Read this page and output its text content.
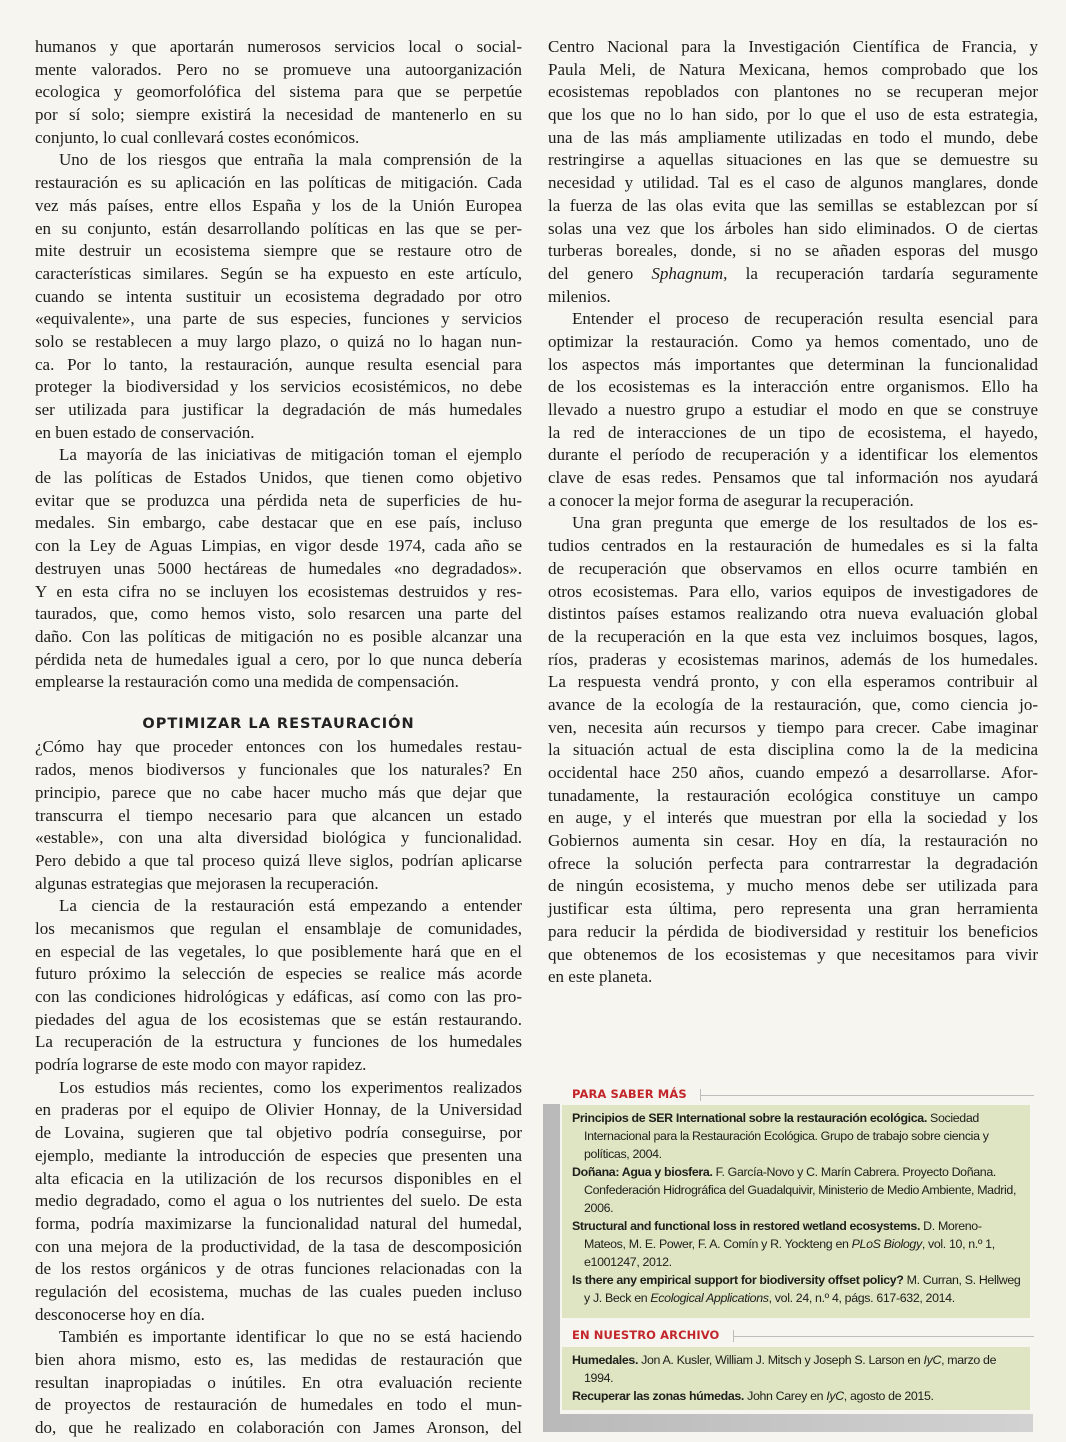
humanos y que aportarán numerosos servicios local o social-
mente valorados. Pero no se promueve una autoorganización
ecologica y geomorfolófica del sistema para que se perpetúe
por sí solo; siempre existirá la necesidad de mantenerlo en su
conjunto, lo cual conllevará costes económicos.
Uno de los riesgos que entraña la mala comprensión de la
restauración es su aplicación en las políticas de mitigación. Cada
vez más países, entre ellos España y los de la Unión Europea
en su conjunto, están desarrollando políticas en las que se per-
mite destruir un ecosistema siempre que se restaure otro de
características similares. Según se ha expuesto en este artículo,
cuando se intenta sustituir un ecosistema degradado por otro
«equivalente», una parte de sus especies, funciones y servicios
solo se restablecen a muy largo plazo, o quizá no lo hagan nun-
ca. Por lo tanto, la restauración, aunque resulta esencial para
proteger la biodiversidad y los servicios ecosistémicos, no debe
ser utilizada para justificar la degradación de más humedales
en buen estado de conservación.
La mayoría de las iniciativas de mitigación toman el ejemplo
de las políticas de Estados Unidos, que tienen como objetivo
evitar que se produzca una pérdida neta de superficies de hu-
medales. Sin embargo, cabe destacar que en ese país, incluso
con la Ley de Aguas Limpias, en vigor desde 1974, cada año se
destruyen unas 5000 hectáreas de humedales «no degradados».
Y en esta cifra no se incluyen los ecosistemas destruidos y res-
taurados, que, como hemos visto, solo resarcen una parte del
daño. Con las políticas de mitigación no es posible alcanzar una
pérdida neta de humedales igual a cero, por lo que nunca debería
emplearse la restauración como una medida de compensación.
OPTIMIZAR LA RESTAURACIÓN
¿Cómo hay que proceder entonces con los humedales restau-
rados, menos biodiversos y funcionales que los naturales? En
principio, parece que no cabe hacer mucho más que dejar que
transcurra el tiempo necesario para que alcancen un estado
«estable», con una alta diversidad biológica y funcionalidad.
Pero debido a que tal proceso quizá lleve siglos, podrían aplicarse
algunas estrategias que mejorasen la recuperación.
La ciencia de la restauración está empezando a entender
los mecanismos que regulan el ensamblaje de comunidades,
en especial de las vegetales, lo que posiblemente hará que en el
futuro próximo la selección de especies se realice más acorde
con las condiciones hidrológicas y edáficas, así como con las pro-
piedades del agua de los ecosistemas que se están restaurando.
La recuperación de la estructura y funciones de los humedales
podría lograrse de este modo con mayor rapidez.
Los estudios más recientes, como los experimentos realizados
en praderas por el equipo de Olivier Honnay, de la Universidad
de Lovaina, sugieren que tal objetivo podría conseguirse, por
ejemplo, mediante la introducción de especies que presenten una
alta eficacia en la utilización de los recursos disponibles en el
medio degradado, como el agua o los nutrientes del suelo. De esta
forma, podría maximizarse la funcionalidad natural del humedal,
con una mejora de la productividad, de la tasa de descomposición
de los restos orgánicos y de otras funciones relacionadas con la
regulación del ecosistema, muchas de las cuales pueden incluso
desconocerse hoy en día.
También es importante identificar lo que no se está haciendo
bien ahora mismo, esto es, las medidas de restauración que
resultan inapropiadas o inútiles. En otra evaluación reciente
de proyectos de restauración de humedales en todo el mun-
do, que he realizado en colaboración con James Aronson, del
Centro Nacional para la Investigación Científica de Francia, y
Paula Meli, de Natura Mexicana, hemos comprobado que los
ecosistemas repoblados con plantones no se recuperan mejor
que los que no lo han sido, por lo que el uso de esta estrategia,
una de las más ampliamente utilizadas en todo el mundo, debe
restringirse a aquellas situaciones en las que se demuestre su
necesidad y utilidad. Tal es el caso de algunos manglares, donde
la fuerza de las olas evita que las semillas se establezcan por sí
solas una vez que los árboles han sido eliminados. O de ciertas
turberas boreales, donde, si no se añaden esporas del musgo
del genero Sphagnum, la recuperación tardaría seguramente
milenios.
Entender el proceso de recuperación resulta esencial para
optimizar la restauración. Como ya hemos comentado, uno de
los aspectos más importantes que determinan la funcionalidad
de los ecosistemas es la interacción entre organismos. Ello ha
llevado a nuestro grupo a estudiar el modo en que se construye
la red de interacciones de un tipo de ecosistema, el hayedo,
durante el período de recuperación y a identificar los elementos
clave de esas redes. Pensamos que tal información nos ayudará
a conocer la mejor forma de asegurar la recuperación.
Una gran pregunta que emerge de los resultados de los es-
tudios centrados en la restauración de humedales es si la falta
de recuperación que observamos en ellos ocurre también en
otros ecosistemas. Para ello, varios equipos de investigadores de
distintos países estamos realizando otra nueva evaluación global
de la recuperación en la que esta vez incluimos bosques, lagos,
ríos, praderas y ecosistemas marinos, además de los humedales.
La respuesta vendrá pronto, y con ella esperamos contribuir al
avance de la ecología de la restauración, que, como ciencia jo-
ven, necesita aún recursos y tiempo para crecer. Cabe imaginar
la situación actual de esta disciplina como la de la medicina
occidental hace 250 años, cuando empezó a desarrollarse. Afor-
tunadamente, la restauración ecológica constituye un campo
en auge, y el interés que muestran por ella la sociedad y los
Gobiernos aumenta sin cesar. Hoy en día, la restauración no
ofrece la solución perfecta para contrarrestar la degradación
de ningún ecosistema, y mucho menos debe ser utilizada para
justificar esta última, pero representa una gran herramienta
para reducir la pérdida de biodiversidad y restituir los beneficios
que obtenemos de los ecosistemas y que necesitamos para vivir
en este planeta.
PARA SABER MÁS
Principios de SER International sobre la restauración ecológica. Sociedad Internacional para la Restauración Ecológica. Grupo de trabajo sobre ciencia y políticas, 2004.
Doñana: Agua y biosfera. F. García-Novo y C. Marín Cabrera. Proyecto Doñana. Confederación Hidrográfica del Guadalquivir, Ministerio de Medio Ambiente, Madrid, 2006.
Structural and functional loss in restored wetland ecosystems. D. Moreno-Mateos, M. E. Power, F. A. Comín y R. Yockteng en PLoS Biology, vol. 10, n.º 1, e1001247, 2012.
Is there any empirical support for biodiversity offset policy? M. Curran, S. Hellweg y J. Beck en Ecological Applications, vol. 24, n.º 4, págs. 617-632, 2014.
EN NUESTRO ARCHIVO
Humedales. Jon A. Kusler, William J. Mitsch y Joseph S. Larson en IyC, marzo de 1994.
Recuperar las zonas húmedas. John Carey en IyC, agosto de 2015.
